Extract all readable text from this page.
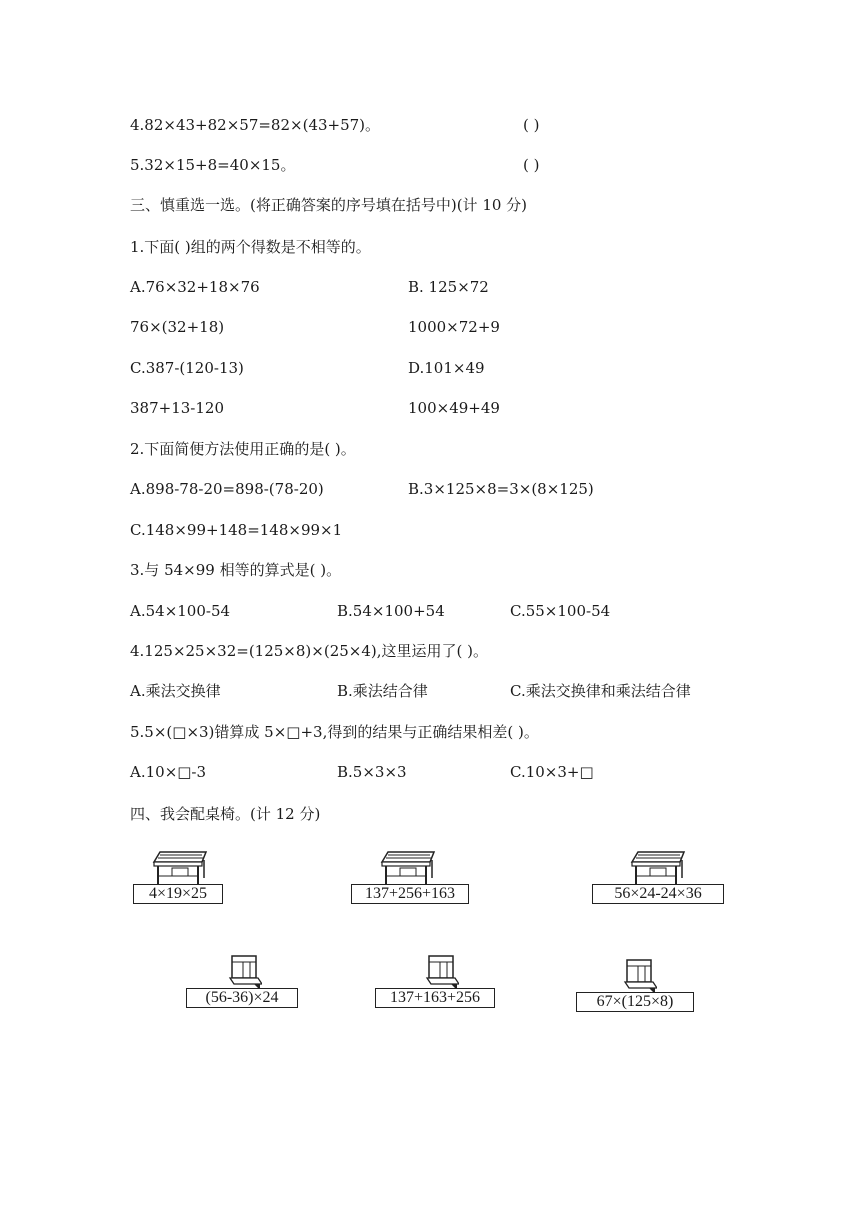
4.82×43+82×57=82×(43+57)。	( )
5.32×15+8=40×15。	( )
三、慎重选一选。(将正确答案的序号填在括号中)(计 10 分)
1.下面( )组的两个得数是不相等的。
A.76×32+18×76	B. 125×72
76×(32+18)	1000×72+9
C.387-(120-13)	D.101×49
387+13-120	100×49+49
2.下面简便方法使用正确的是( )。
A.898-78-20=898-(78-20)	B.3×125×8=3×(8×125)
C.148×99+148=148×99×1
3.与 54×99 相等的算式是( )。
A.54×100-54	B.54×100+54	C.55×100-54
4.125×25×32=(125×8)×(25×4),这里运用了( )。
A.乘法交换律	B.乘法结合律	C.乘法交换律和乘法结合律
5.5×(□×3)错算成 5×□+3,得到的结果与正确结果相差( )。
A.10×□-3	B.5×3×3	C.10×3+□
四、我会配桌椅。(计 12 分)
4×19×25	137+256+163	56×24-24×36
(56-36)×24	137+163+256	67×(125×8)
